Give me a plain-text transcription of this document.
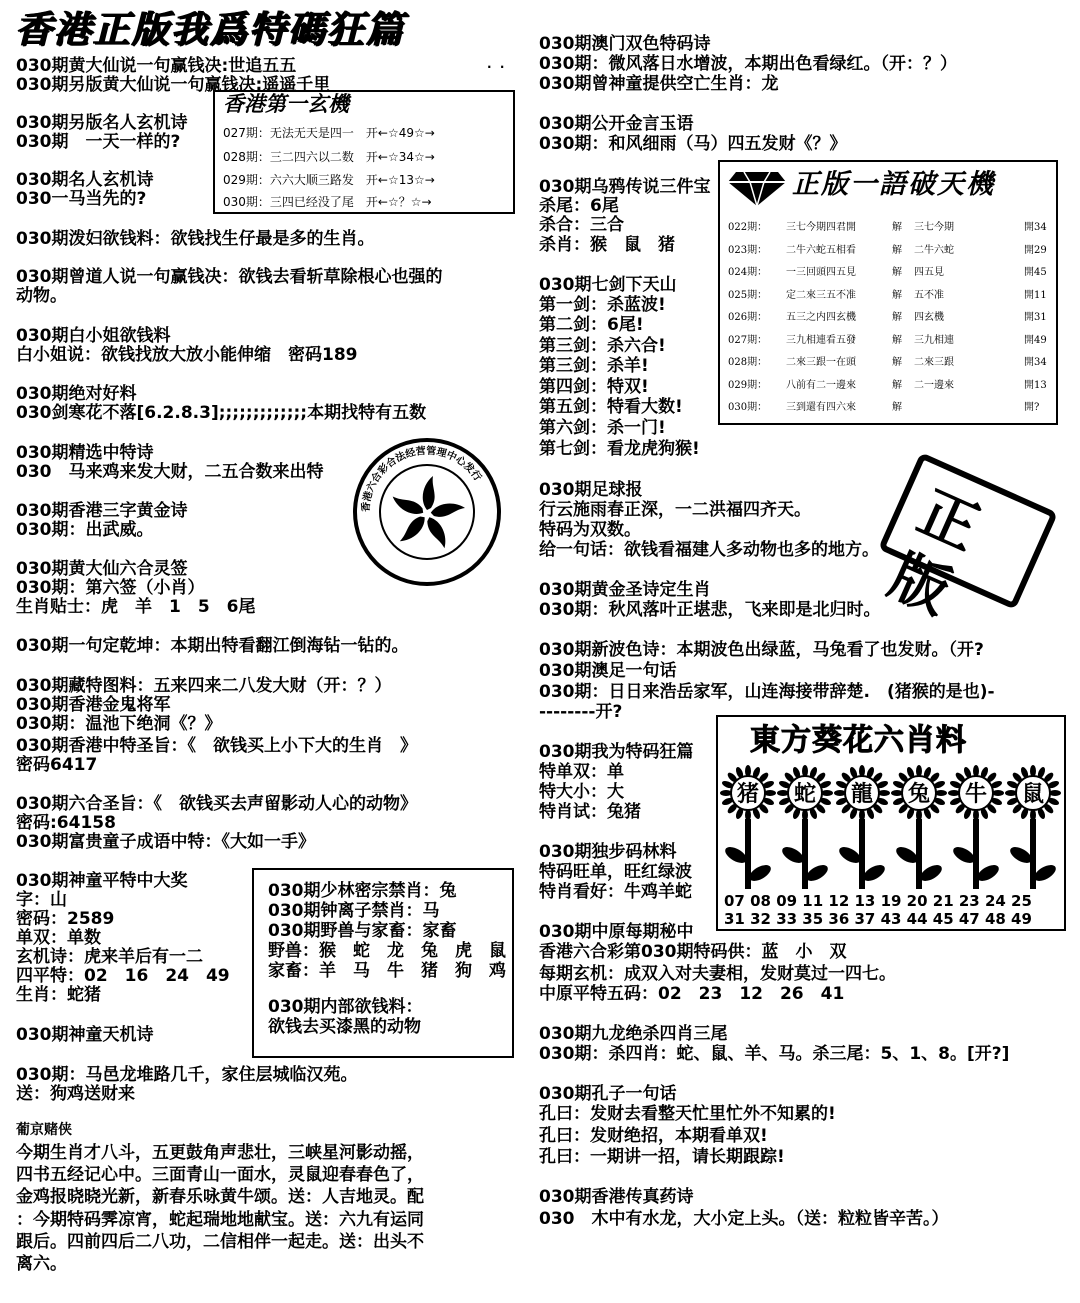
香港正版我爲特碼狂篇
·  ·
030期黄大仙说一句赢钱决:世追五五
030期另版黄大仙说一句赢钱决:遥遥千里
030期另版名人玄机诗
030期　一天一样的?
030期名人玄机诗
030一马当先的?
030期泼妇欲钱料：欲钱找生仔最是多的生肖。
030期曾道人说一句赢钱决：欲钱去看斩草除根心也强的
动物。
030期白小姐欲钱料
白小姐说：欲钱找放大放小能伸缩　密码189
030期绝对好料
030剑寒花不落[6.2.8.3];;;;;;;;;;;;;本期找特有五数
030期精选中特诗
030　马来鸡来发大财，二五合数来出特
030期香港三字黄金诗
030期：出武威。
030期黄大仙六合灵签
030期：第六签（小肖）
生肖贴士：虎　羊　1　5　6尾
030期一句定乾坤：本期出特看翻江倒海钻一钻的。
030期藏特图料：五来四来二八发大财（开：？）
030期香港金鬼将军
030期：温池下绝洞《？》
030期香港中特圣旨：《　欲钱买上小下大的生肖　》
密码6417
030期六合圣旨：《　欲钱买去声留影动人心的动物》
密码:64158
030期富贵童子成语中特：《大如一手》
030期神童平特中大奖
字：山
密码：2589
单双：单数
玄机诗：虎来羊后有一二
四平特：02　16　24　49
生肖：蛇猪
030期神童天机诗
030期：马邑龙堆路几千，家住层城临汉苑。
送：狗鸡送财来
葡京赌侠
今期生肖才八斗，五更鼓角声悲壮，三峡星河影动摇，
四书五经记心中。三面青山一面水，灵鼠迎春春色了，
金鸡报晓晓光新，新春乐咏黄牛颂。送：人吉地灵。配
：今期特码霁凉宵，蛇起瑞地地献宝。送：六九有运同
跟后。四前四后二八功，二信相伴一起走。送：出头不
离六。
香港第一玄機
027期：无法无天是四一　开←☆49☆→
028期：三二四六以二数　开←☆34☆→
029期：六六大顺三路发　开←☆13☆→
030期：三四已经没了尾　开←☆？☆→
香港六合彩合法经营管理中心发行
030期少林密宗禁肖：兔
030期钟离子禁肖：马
030期野兽与家畜：家畜
野兽：猴　蛇　龙　兔　虎　鼠
家畜：羊　马　牛　猪　狗　鸡
030期内部欲钱料：
欲钱去买漆黑的动物
030期澳门双色特码诗
030期：微风落日水增波，本期出色看绿红。（开：？）
030期曾神童提供空亡生肖：龙
030期公开金言玉语
030期：和风细雨（马）四五发财《？》
030期乌鸦传说三件宝
杀尾：6尾
杀合：三合
杀肖：猴　鼠　猪
030期七剑下天山
第一剑：杀蓝波!
第二剑：6尾!
第三剑：杀六合!
第三剑：杀羊!
第四剑：特双!
第五剑：特看大数!
第六剑：杀一门!
第七剑：看龙虎狗猴!
030期足球报
行云施雨春正深，一二洪福四齐天。
特码为双数。
给一句话：欲钱看福建人多动物也多的地方。
030期黄金圣诗定生肖
030期：秋风落叶正堪悲，飞来即是北归时。
030期新波色诗：本期波色出绿蓝，马兔看了也发财。（开?
030期澳足一句话
030期：日日来浩岳家军，山连海接带辞楚.　(猪猴的是也)-
--------开?
030期我为特码狂篇
特单双：单
特大小：大
特肖试：兔猪
030期独步码林料
特码旺单，旺红绿波
特肖看好：牛鸡羊蛇
030期中原每期秘中
香港六合彩第030期特码供：蓝　小　双
每期玄机：成双入对夫妻相，发财莫过一四七。
中原平特五码：02　23　12　26　41
030期九龙绝杀四肖三尾
030期：杀四肖：蛇、鼠、羊、马。杀三尾：5、1、8。[开?]
030期孔子一句话
孔曰：发财去看整天忙里忙外不知累的!
孔曰：发财绝招，本期看单双!
孔曰：一期讲一招，请长期跟踪!
030期香港传真药诗
030　木中有水龙，大小定上头。（送：粒粒皆辛苦。）
正版一語破天機
022期： 三七今期四君開	解 三七今期	開34
023期： 二牛六蛇五相看	解 二牛六蛇	開29
024期： 一三回頭四五見	解 四五見	開45
025期： 定二來三五不准	解 五不准	開11
026期： 五三之内四玄機	解 四玄機	開31
027期： 三九相連看五發	解 三九相連	開49
028期： 二來三跟一在頭	解 二來三跟	開34
029期： 八前有二一邊來	解 二一邊來	開13
030期： 三到還有四六來	解	開?
正版
東方葵花六肖料
猪 蛇 龍 兔 牛 鼠
07 08 09 11 12 13 19 20 21 23 24 25
31 32 33 35 36 37 43 44 45 47 48 49
